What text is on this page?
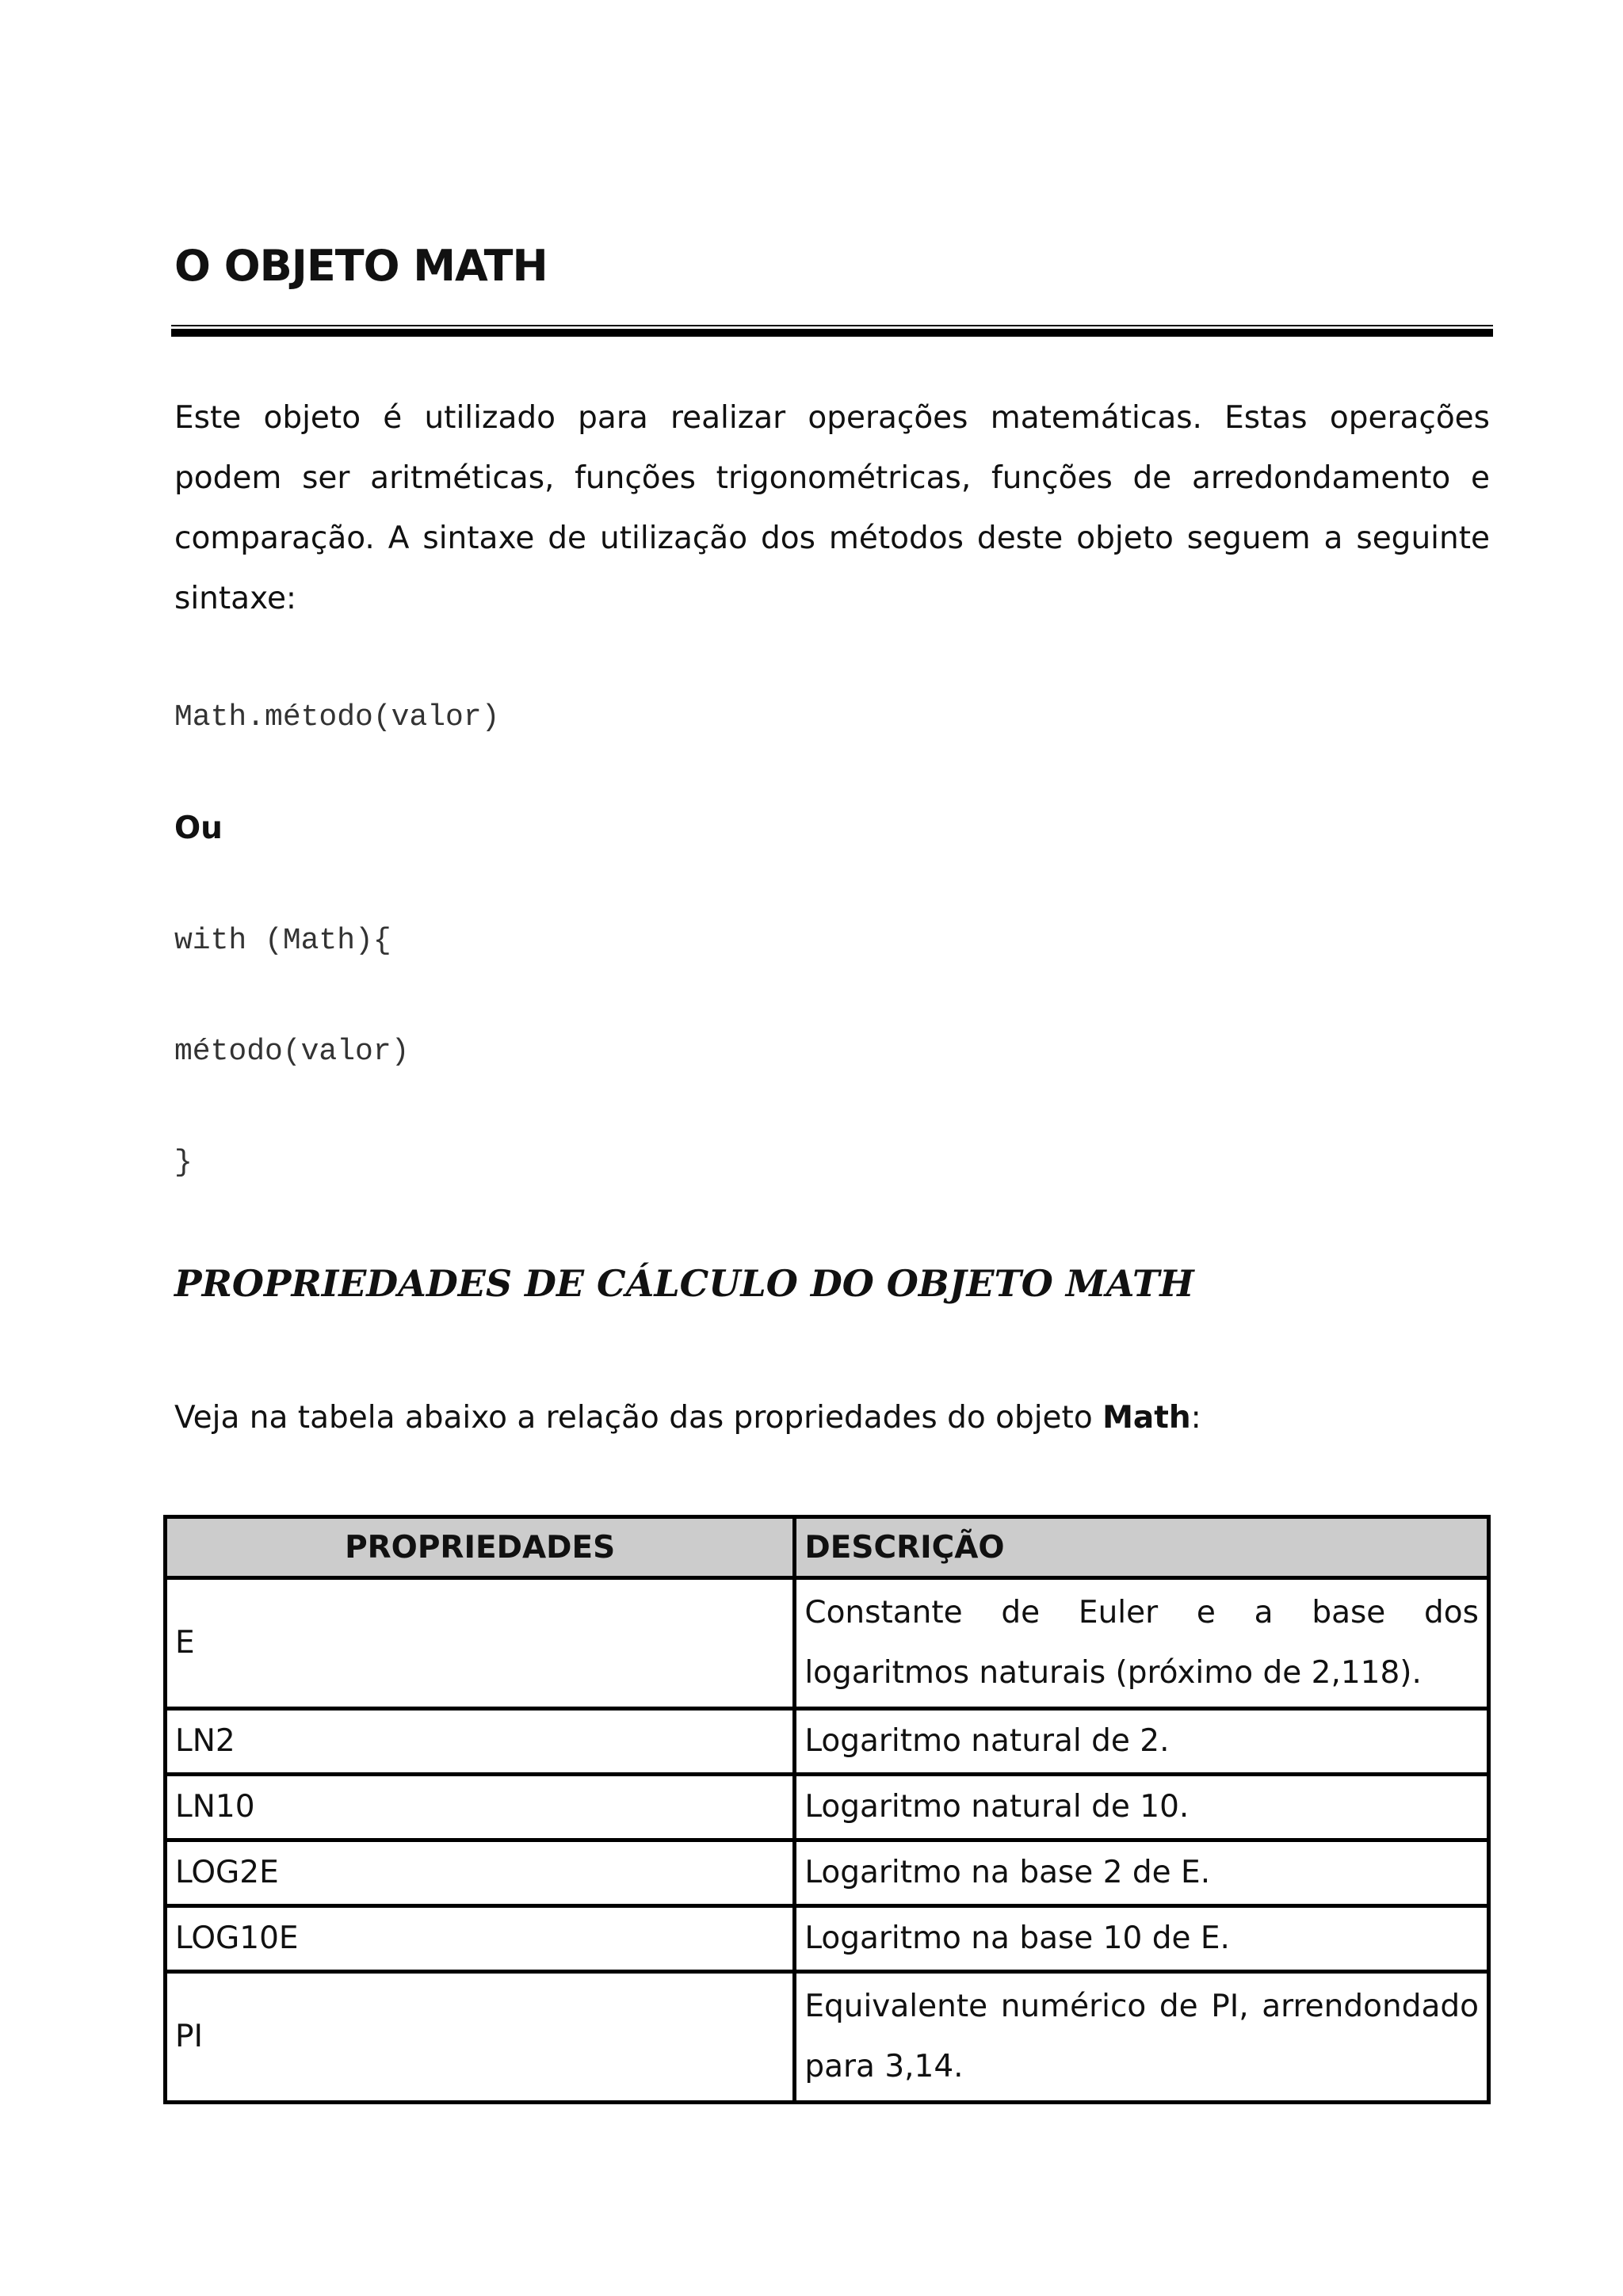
O OBJETO MATH

Este objeto é utilizado para realizar operações matemáticas. Estas operações podem ser aritméticas, funções trigonométricas, funções de arredondamento e comparação. A sintaxe de utilização dos métodos deste objeto seguem a seguinte sintaxe:

Math.método(valor)

Ou

with (Math){

método(valor)

}

PROPRIEDADES DE CÁLCULO DO OBJETO MATH

Veja na tabela abaixo a relação das propriedades do objeto Math:

PROPRIEDADES	DESCRIÇÃO
E	Constante de Euler e a base dos logaritmos naturais (próximo de 2,118).
LN2	Logaritmo natural de 2.
LN10	Logaritmo natural de 10.
LOG2E	Logaritmo na base 2 de E.
LOG10E	Logaritmo na base 10 de E.
PI	Equivalente numérico de PI, arrendondado para 3,14.
